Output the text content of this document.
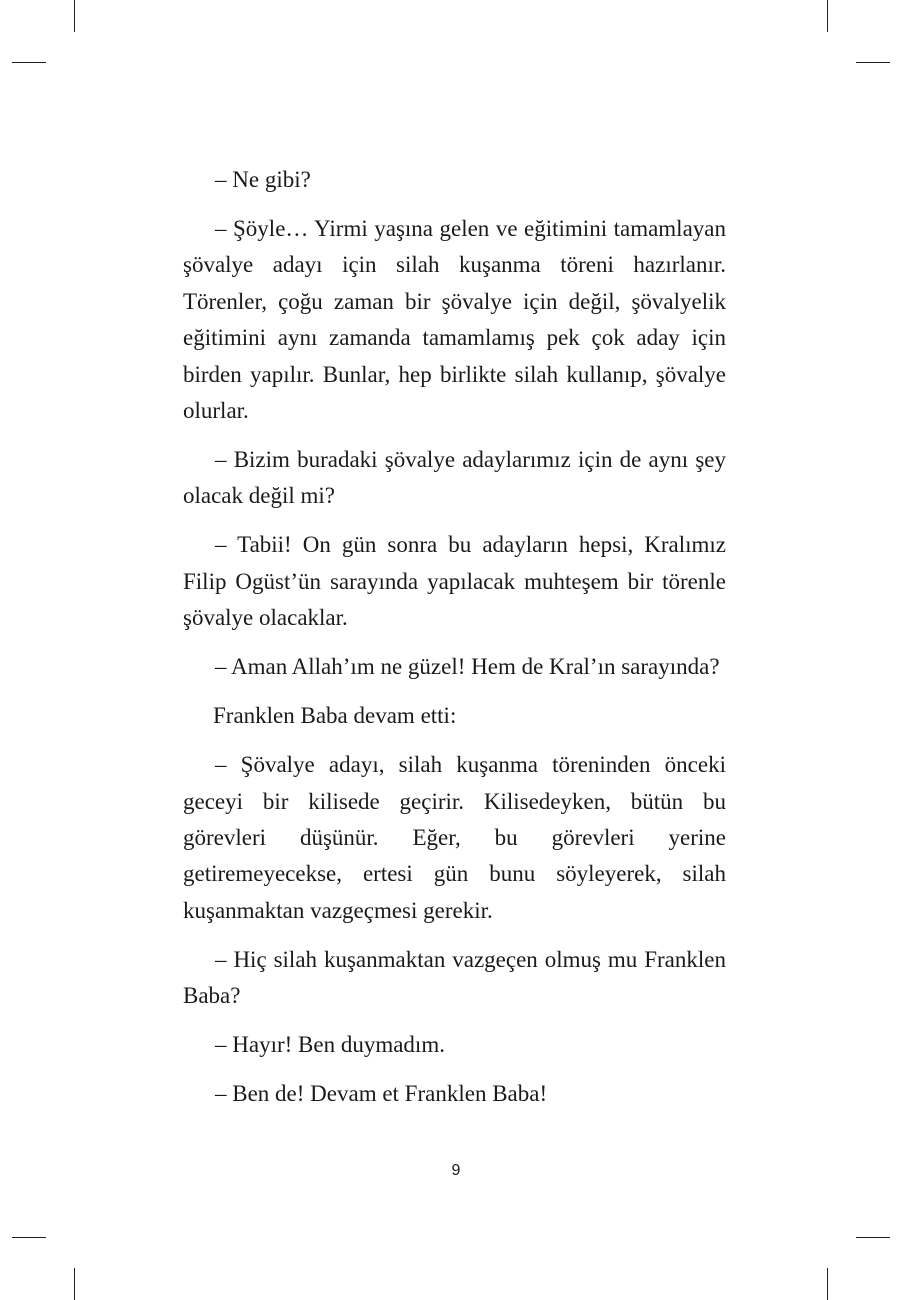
– Ne gibi?

– Şöyle… Yirmi yaşına gelen ve eğitimini tamamlayan şövalye adayı için silah kuşanma töreni hazırlanır. Törenler, çoğu zaman bir şövalye için değil, şövalyelik eğitimini aynı zamanda tamamlamış pek çok aday için birden yapılır. Bunlar, hep birlikte silah kullanıp, şövalye olurlar.

– Bizim buradaki şövalye adaylarımız için de aynı şey olacak değil mi?

– Tabii! On gün sonra bu adayların hepsi, Kralımız Filip Ogüst’ün sarayında yapılacak muhteşem bir törenle şövalye olacaklar.

– Aman Allah’ım ne güzel! Hem de Kral’ın sarayında?

Franklen Baba devam etti:

– Şövalye adayı, silah kuşanma töreninden önceki geceyi bir kilisede geçirir. Kilisedeyken, bütün bu görevleri düşünür. Eğer, bu görevleri yerine getiremeyecekse, ertesi gün bunu söyleyerek, silah kuşanmaktan vazgeçmesi gerekir.

– Hiç silah kuşanmaktan vazgeçen olmuş mu Franklen Baba?

– Hayır! Ben duymadım.

– Ben de! Devam et Franklen Baba!

9
